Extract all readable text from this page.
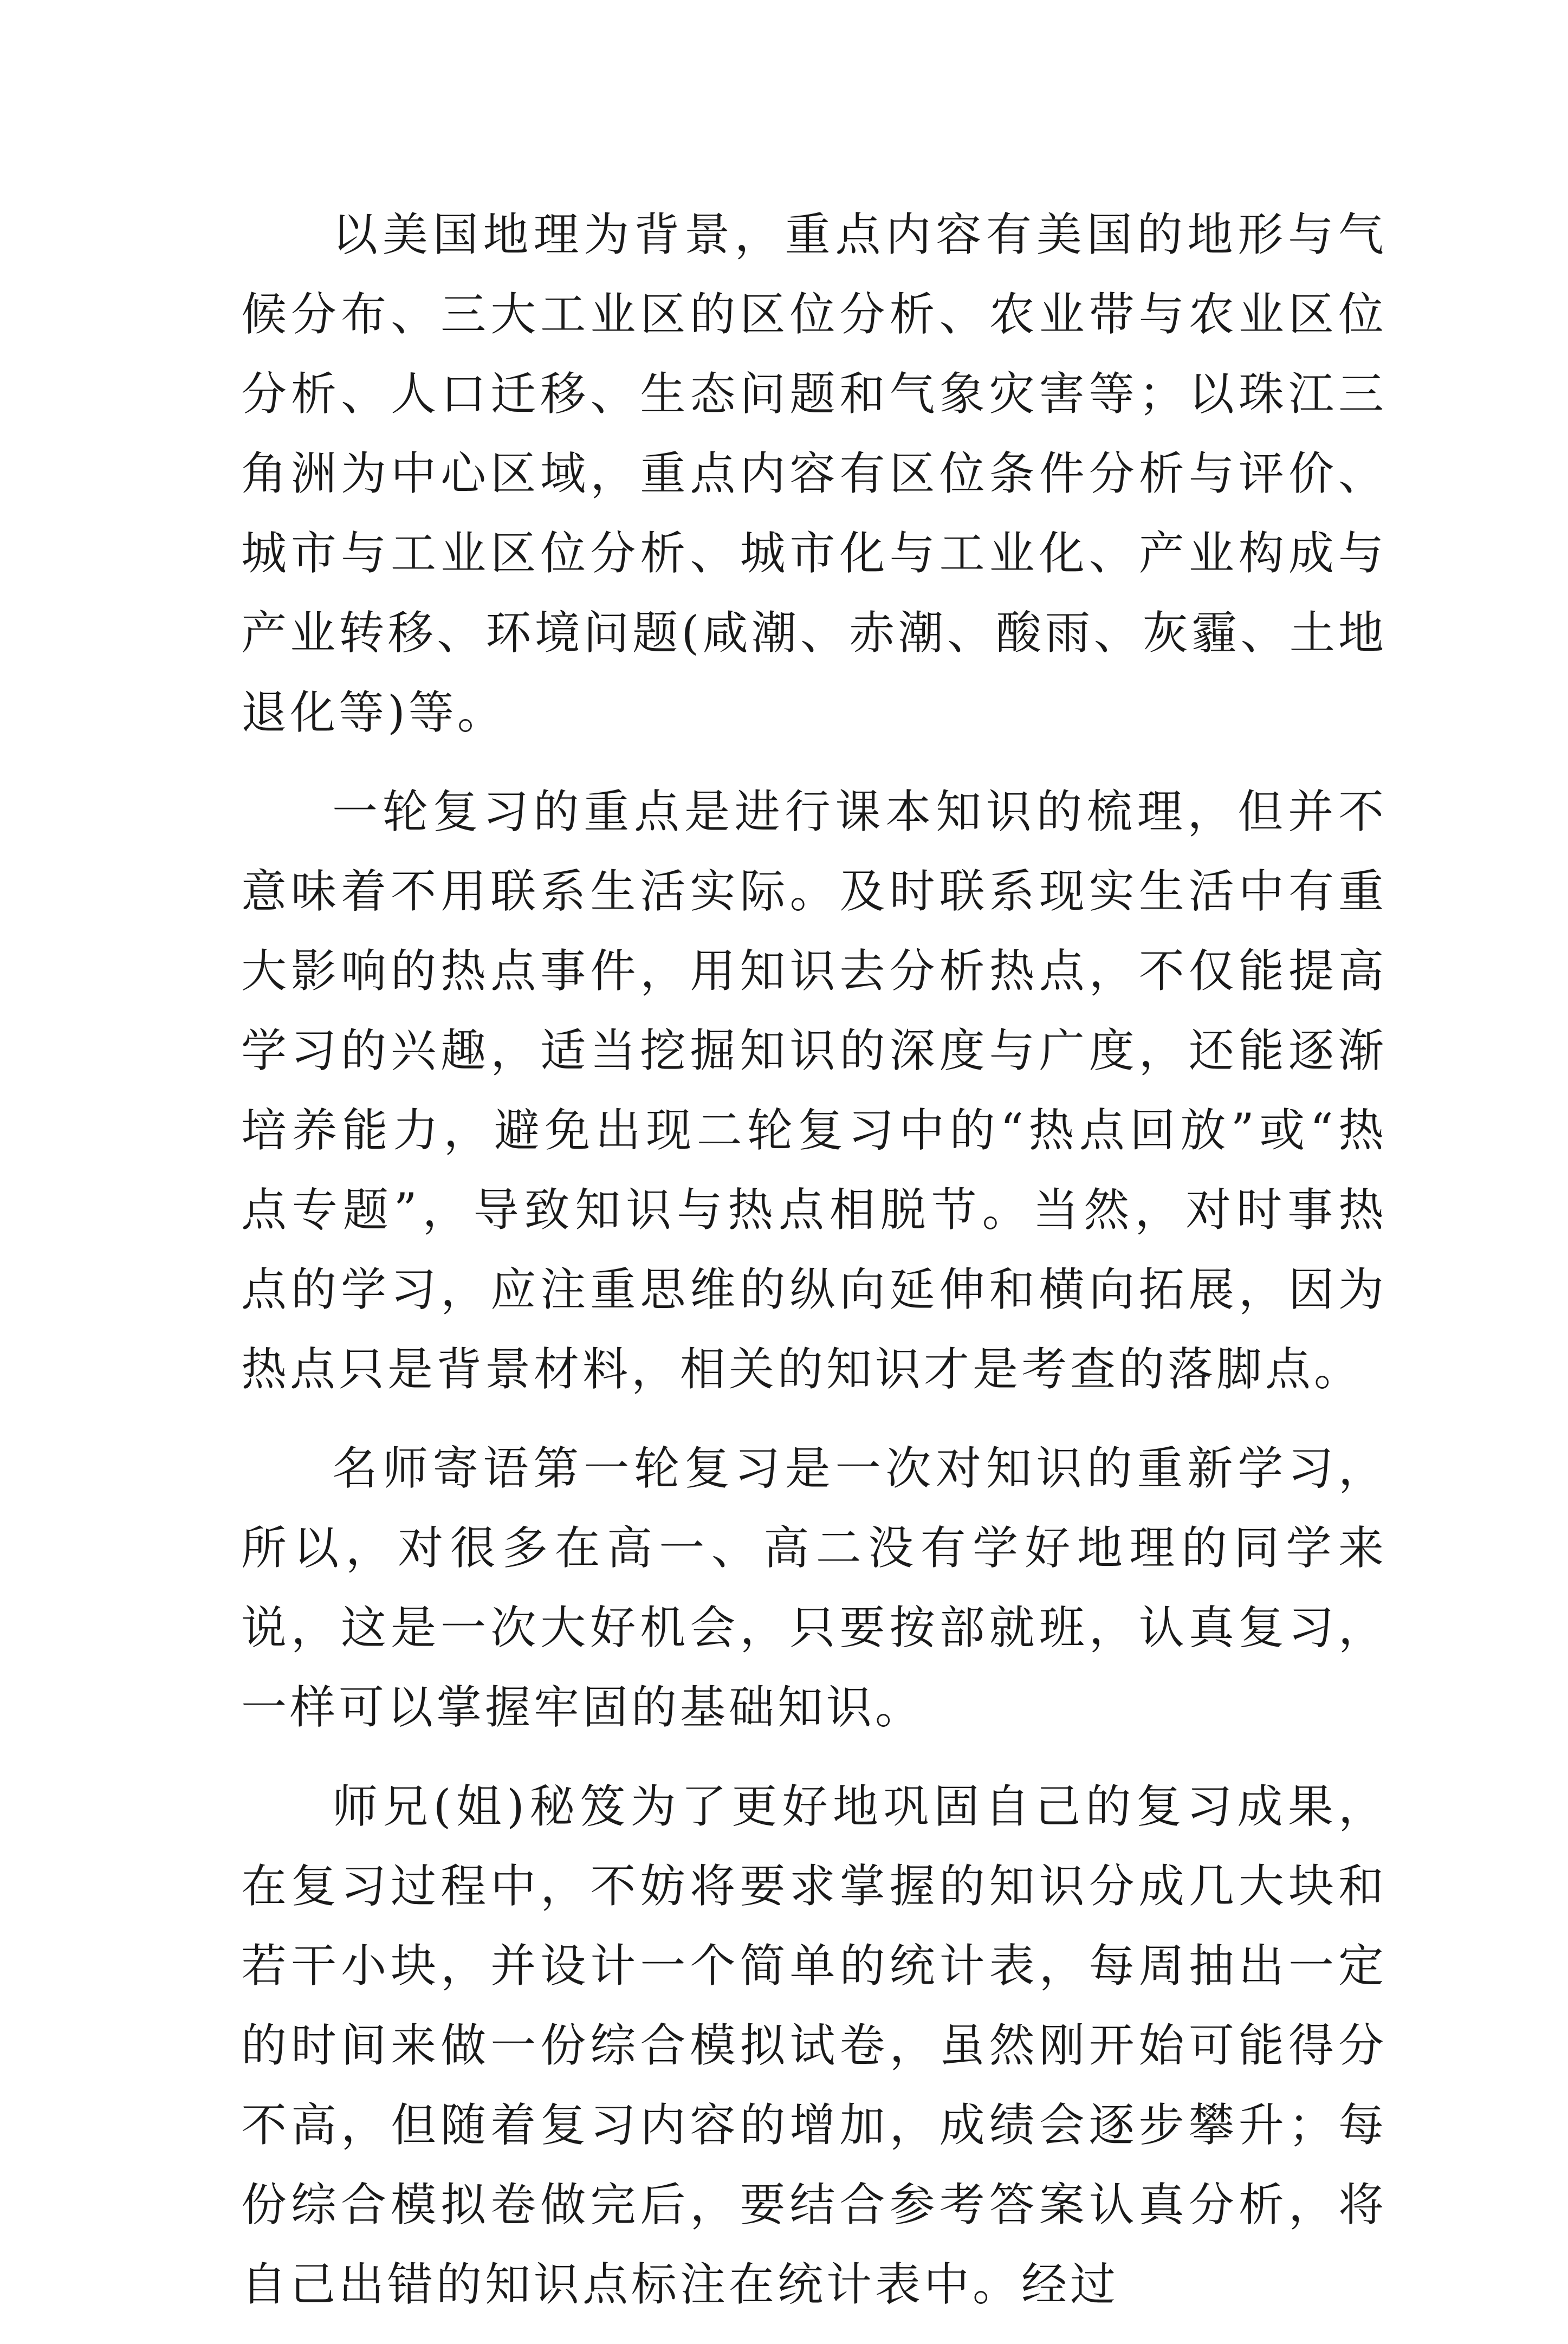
以美国地理为背景，重点内容有美国的地形与气候分布、三大工业区的区位分析、农业带与农业区位分析、人口迁移、生态问题和气象灾害等；以珠江三角洲为中心区域，重点内容有区位条件分析与评价、城市与工业区位分析、城市化与工业化、产业构成与产业转移、环境问题(咸潮、赤潮、酸雨、灰霾、土地退化等)等。

一轮复习的重点是进行课本知识的梳理，但并不意味着不用联系生活实际。及时联系现实生活中有重大影响的热点事件，用知识去分析热点，不仅能提高学习的兴趣，适当挖掘知识的深度与广度，还能逐渐培养能力，避免出现二轮复习中的“热点回放”或“热点专题”，导致知识与热点相脱节。当然，对时事热点的学习，应注重思维的纵向延伸和横向拓展，因为热点只是背景材料，相关的知识才是考查的落脚点。

名师寄语第一轮复习是一次对知识的重新学习，所以，对很多在高一、高二没有学好地理的同学来说，这是一次大好机会，只要按部就班，认真复习，一样可以掌握牢固的基础知识。

师兄(姐)秘笈为了更好地巩固自己的复习成果，在复习过程中，不妨将要求掌握的知识分成几大块和若干小块，并设计一个简单的统计表，每周抽出一定的时间来做一份综合模拟试卷，虽然刚开始可能得分不高，但随着复习内容的增加，成绩会逐步攀升；每份综合模拟卷做完后，要结合参考答案认真分析，将自己出错的知识点标注在统计表中。经过
